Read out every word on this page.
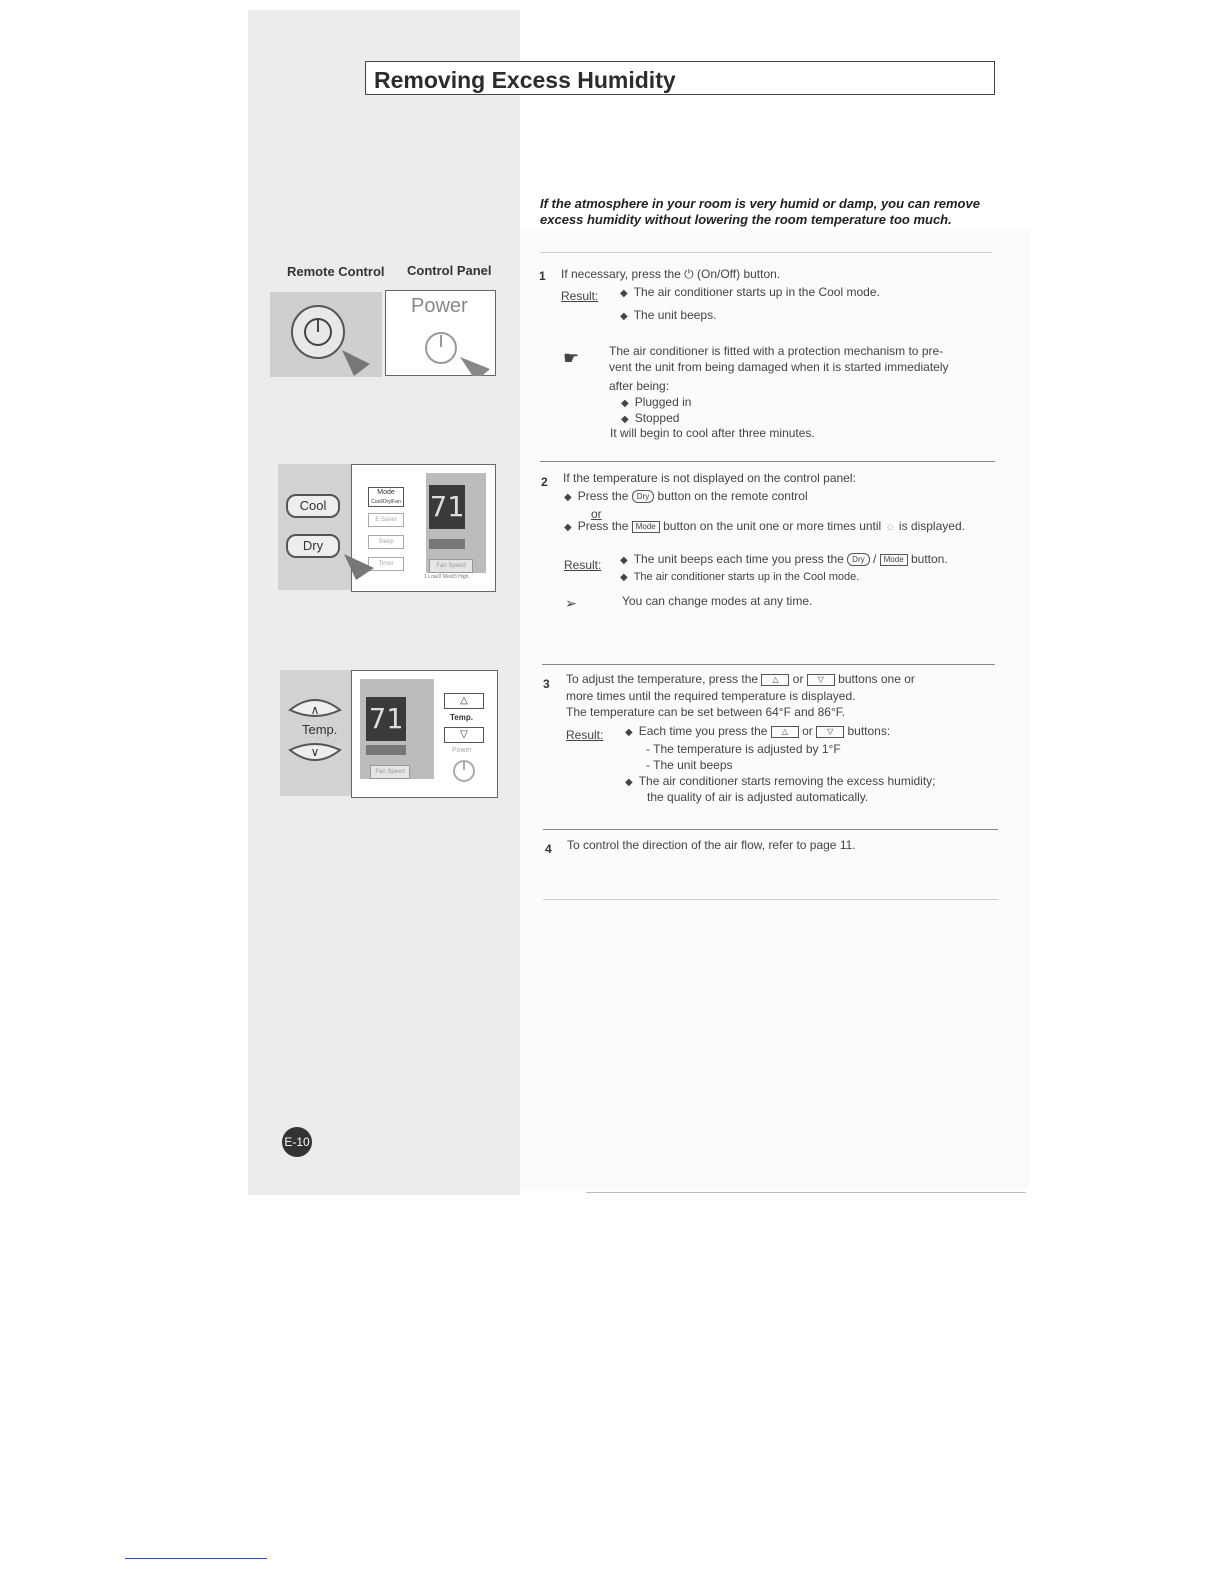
Removing Excess Humidity
If the atmosphere in your room is very humid or damp, you can remove excess humidity without lowering the room temperature too much.
Remote Control Control Panel
Power
Cool
Dry
Mode
Cool/Dry/Fan
E.Saver
Sleep
Timer
71
Fan Speed
1 Low/2 Med/3 High
∧
∨
Temp. 71
Fan Speed
△
Temp.
▽
Power
1 If necessary, press the ⏻ (On/Off) button.
Result: ◆ The air conditioner starts up in the Cool mode.
◆ The unit beeps.
☛ The air conditioner is fitted with a protection mechanism to pre-
vent the unit from being damaged when it is started immediately
after being:
◆ Plugged in
◆ Stopped
It will begin to cool after three minutes.
2 If the temperature is not displayed on the control panel:
◆ Press the Dry button on the remote control
or
◆ Press the Mode button on the unit one or more times until ☼ is displayed.
Result: ◆ The unit beeps each time you press the Dry / Mode button.
◆ The air conditioner starts up in the Cool mode.
➢	You can change modes at any time.
3 To adjust the temperature, press the △ or ▽ buttons one or
more times until the required temperature is displayed.
The temperature can be set between 64°F and 86°F.
Result: ◆ Each time you press the △ or ▽ buttons:
- The temperature is adjusted by 1°F
- The unit beeps
◆ The air conditioner starts removing the excess humidity;
the quality of air is adjusted automatically.
4 To control the direction of the air flow, refer to page 11.
E-10
